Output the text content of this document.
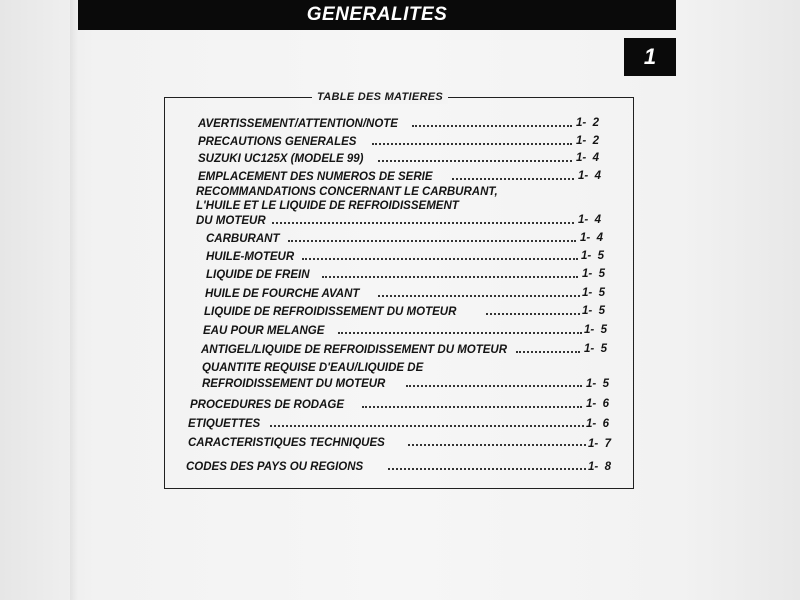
GENERALITES
1
TABLE DES MATIERES
AVERTISSEMENT/ATTENTION/NOTE	1-  2
PRECAUTIONS GENERALES	1-  2
SUZUKI UC125X (MODELE 99)	1-  4
EMPLACEMENT DES NUMEROS DE SERIE	1-  4
RECOMMANDATIONS CONCERNANT LE CARBURANT,
L'HUILE ET LE LIQUIDE DE REFROIDISSEMENT
DU MOTEUR	1-  4
CARBURANT	1-  4
HUILE-MOTEUR	1-  5
LIQUIDE DE FREIN	1-  5
HUILE DE FOURCHE AVANT	1-  5
LIQUIDE DE REFROIDISSEMENT DU MOTEUR	1-  5
EAU POUR MELANGE	1-  5
ANTIGEL/LIQUIDE DE REFROIDISSEMENT DU MOTEUR	1-  5
QUANTITE REQUISE D'EAU/LIQUIDE DE
REFROIDISSEMENT DU MOTEUR	1-  5
PROCEDURES DE RODAGE	1-  6
ETIQUETTES	1-  6
CARACTERISTIQUES TECHNIQUES	1-  7
CODES DES PAYS OU REGIONS	1-  8
